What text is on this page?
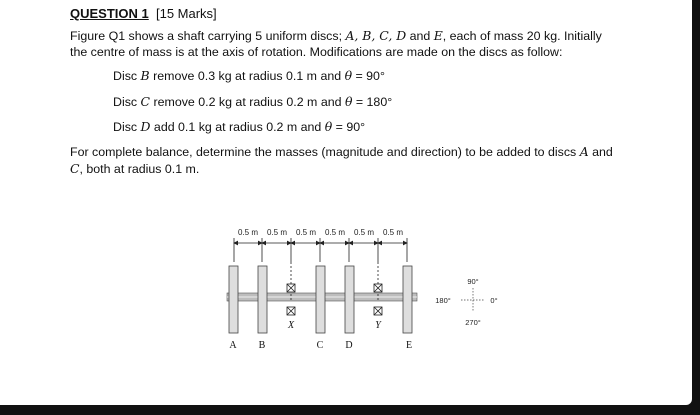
QUESTION 1 [15 Marks]
Figure Q1 shows a shaft carrying 5 uniform discs; A, B, C, D and E, each of mass 20 kg. Initially
the centre of mass is at the axis of rotation. Modifications are made on the discs as follow:
Disc B remove 0.3 kg at radius 0.1 m and θ = 90°
Disc C remove 0.2 kg at radius 0.2 m and θ = 180°
Disc D add 0.1 kg at radius 0.2 m and θ = 90°
For complete balance, determine the masses (magnitude and direction) to be added to discs A and
C, both at radius 0.1 m.
0.5 m 0.5 m 0.5 m 0.5 m 0.5 m 0.5 m
X	Y
A B	C D	E
90°
180°	0°
270°
